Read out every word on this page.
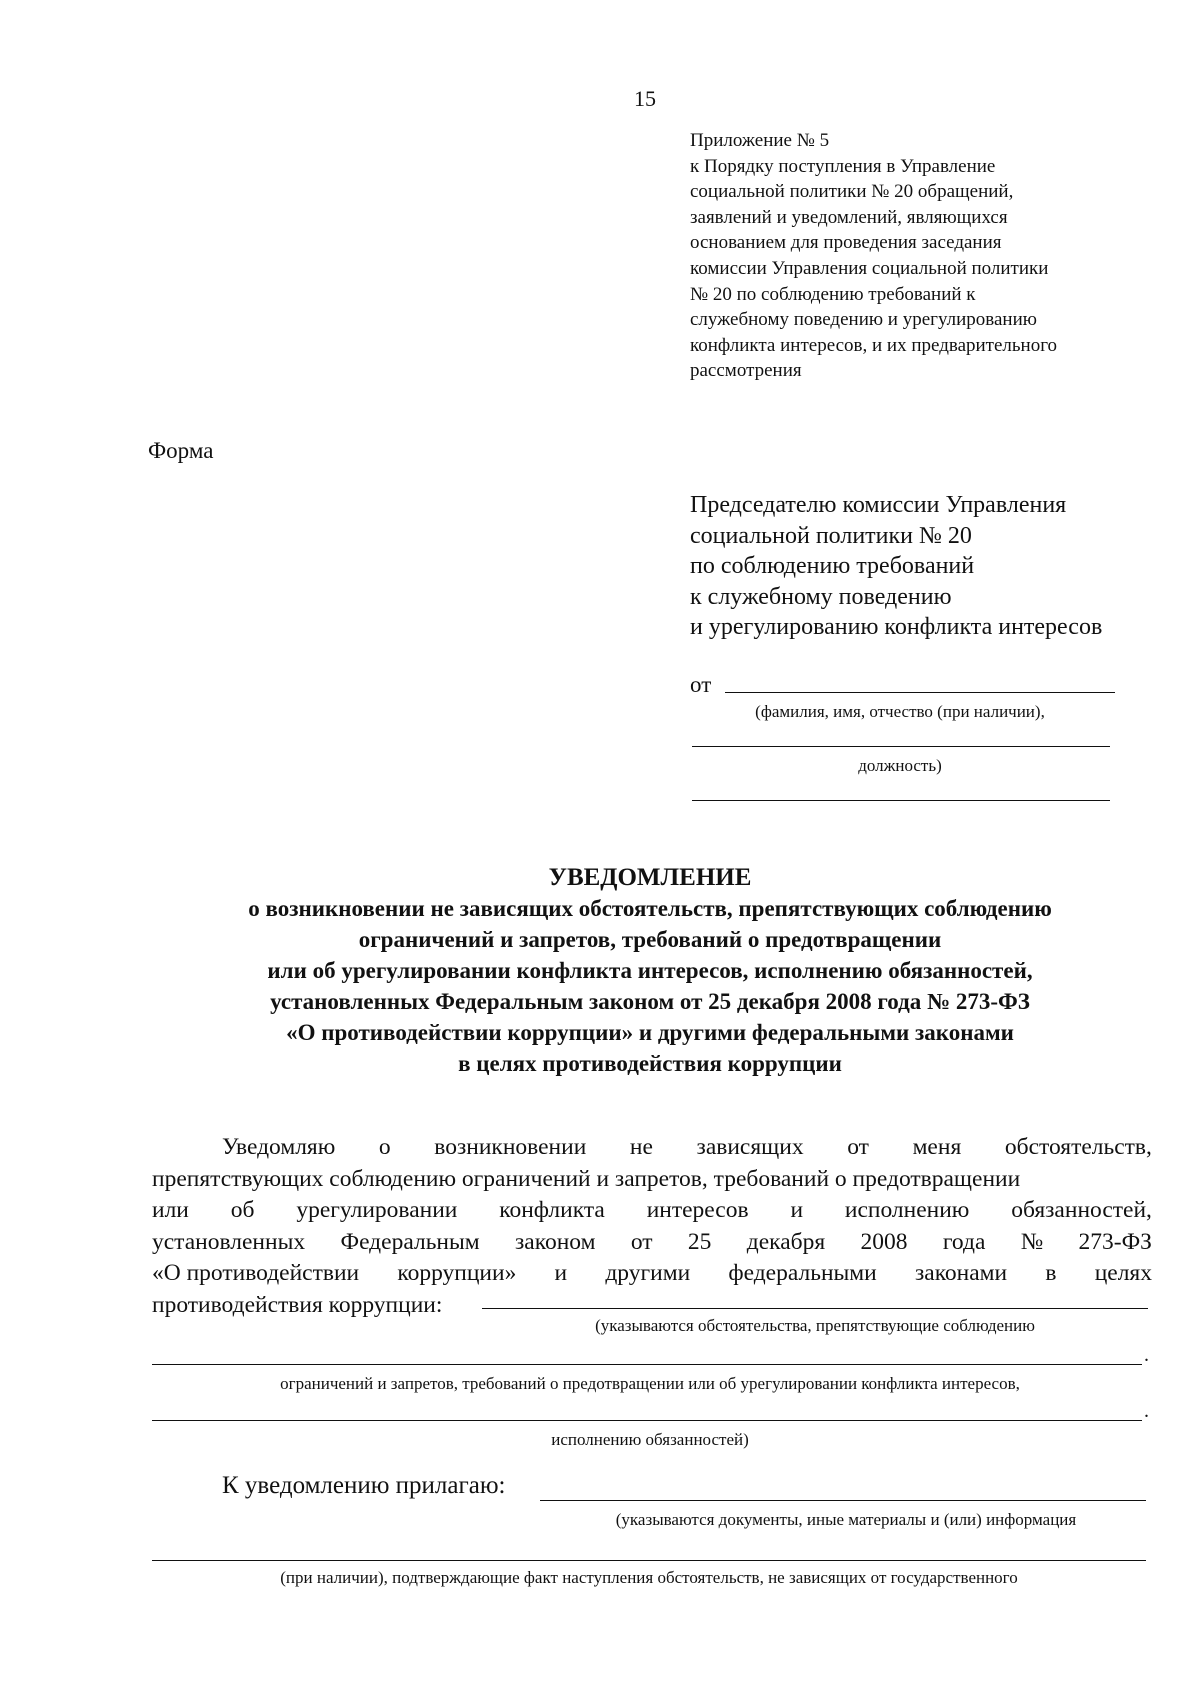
15
Приложение № 5
к Порядку поступления в Управление
социальной политики № 20 обращений,
заявлений и уведомлений, являющихся
основанием для проведения заседания
комиссии Управления социальной политики
№ 20 по соблюдению требований к
служебному поведению и урегулированию
конфликта интересов, и их предварительного
рассмотрения
Форма
Председателю комиссии Управления
социальной политики № 20
по соблюдению требований
к служебному поведению
и урегулированию конфликта интересов
от
(фамилия, имя, отчество (при наличии),
должность)
УВЕДОМЛЕНИЕ
о возникновении не зависящих обстоятельств, препятствующих соблюдению
ограничений и запретов, требований о предотвращении
или об урегулировании конфликта интересов, исполнению обязанностей,
установленных Федеральным законом от 25 декабря 2008 года № 273-ФЗ
«О противодействии коррупции» и другими федеральными законами
в целях противодействия коррупции
Уведомляю о возникновении не зависящих от меня обстоятельств,
препятствующих соблюдению ограничений и запретов, требований о предотвращении
или об урегулировании конфликта интересов и исполнению обязанностей,
установленных Федеральным законом от 25 декабря 2008 года № 273-ФЗ
«О противодействии коррупции» и другими федеральными законами в целях
противодействия коррупции:
(указываются обстоятельства, препятствующие соблюдению
.
ограничений и запретов, требований о предотвращении или об урегулировании конфликта интересов,
.
исполнению обязанностей)
К уведомлению прилагаю:
(указываются документы, иные материалы и (или) информация
(при наличии), подтверждающие факт наступления обстоятельств, не зависящих от государственного
